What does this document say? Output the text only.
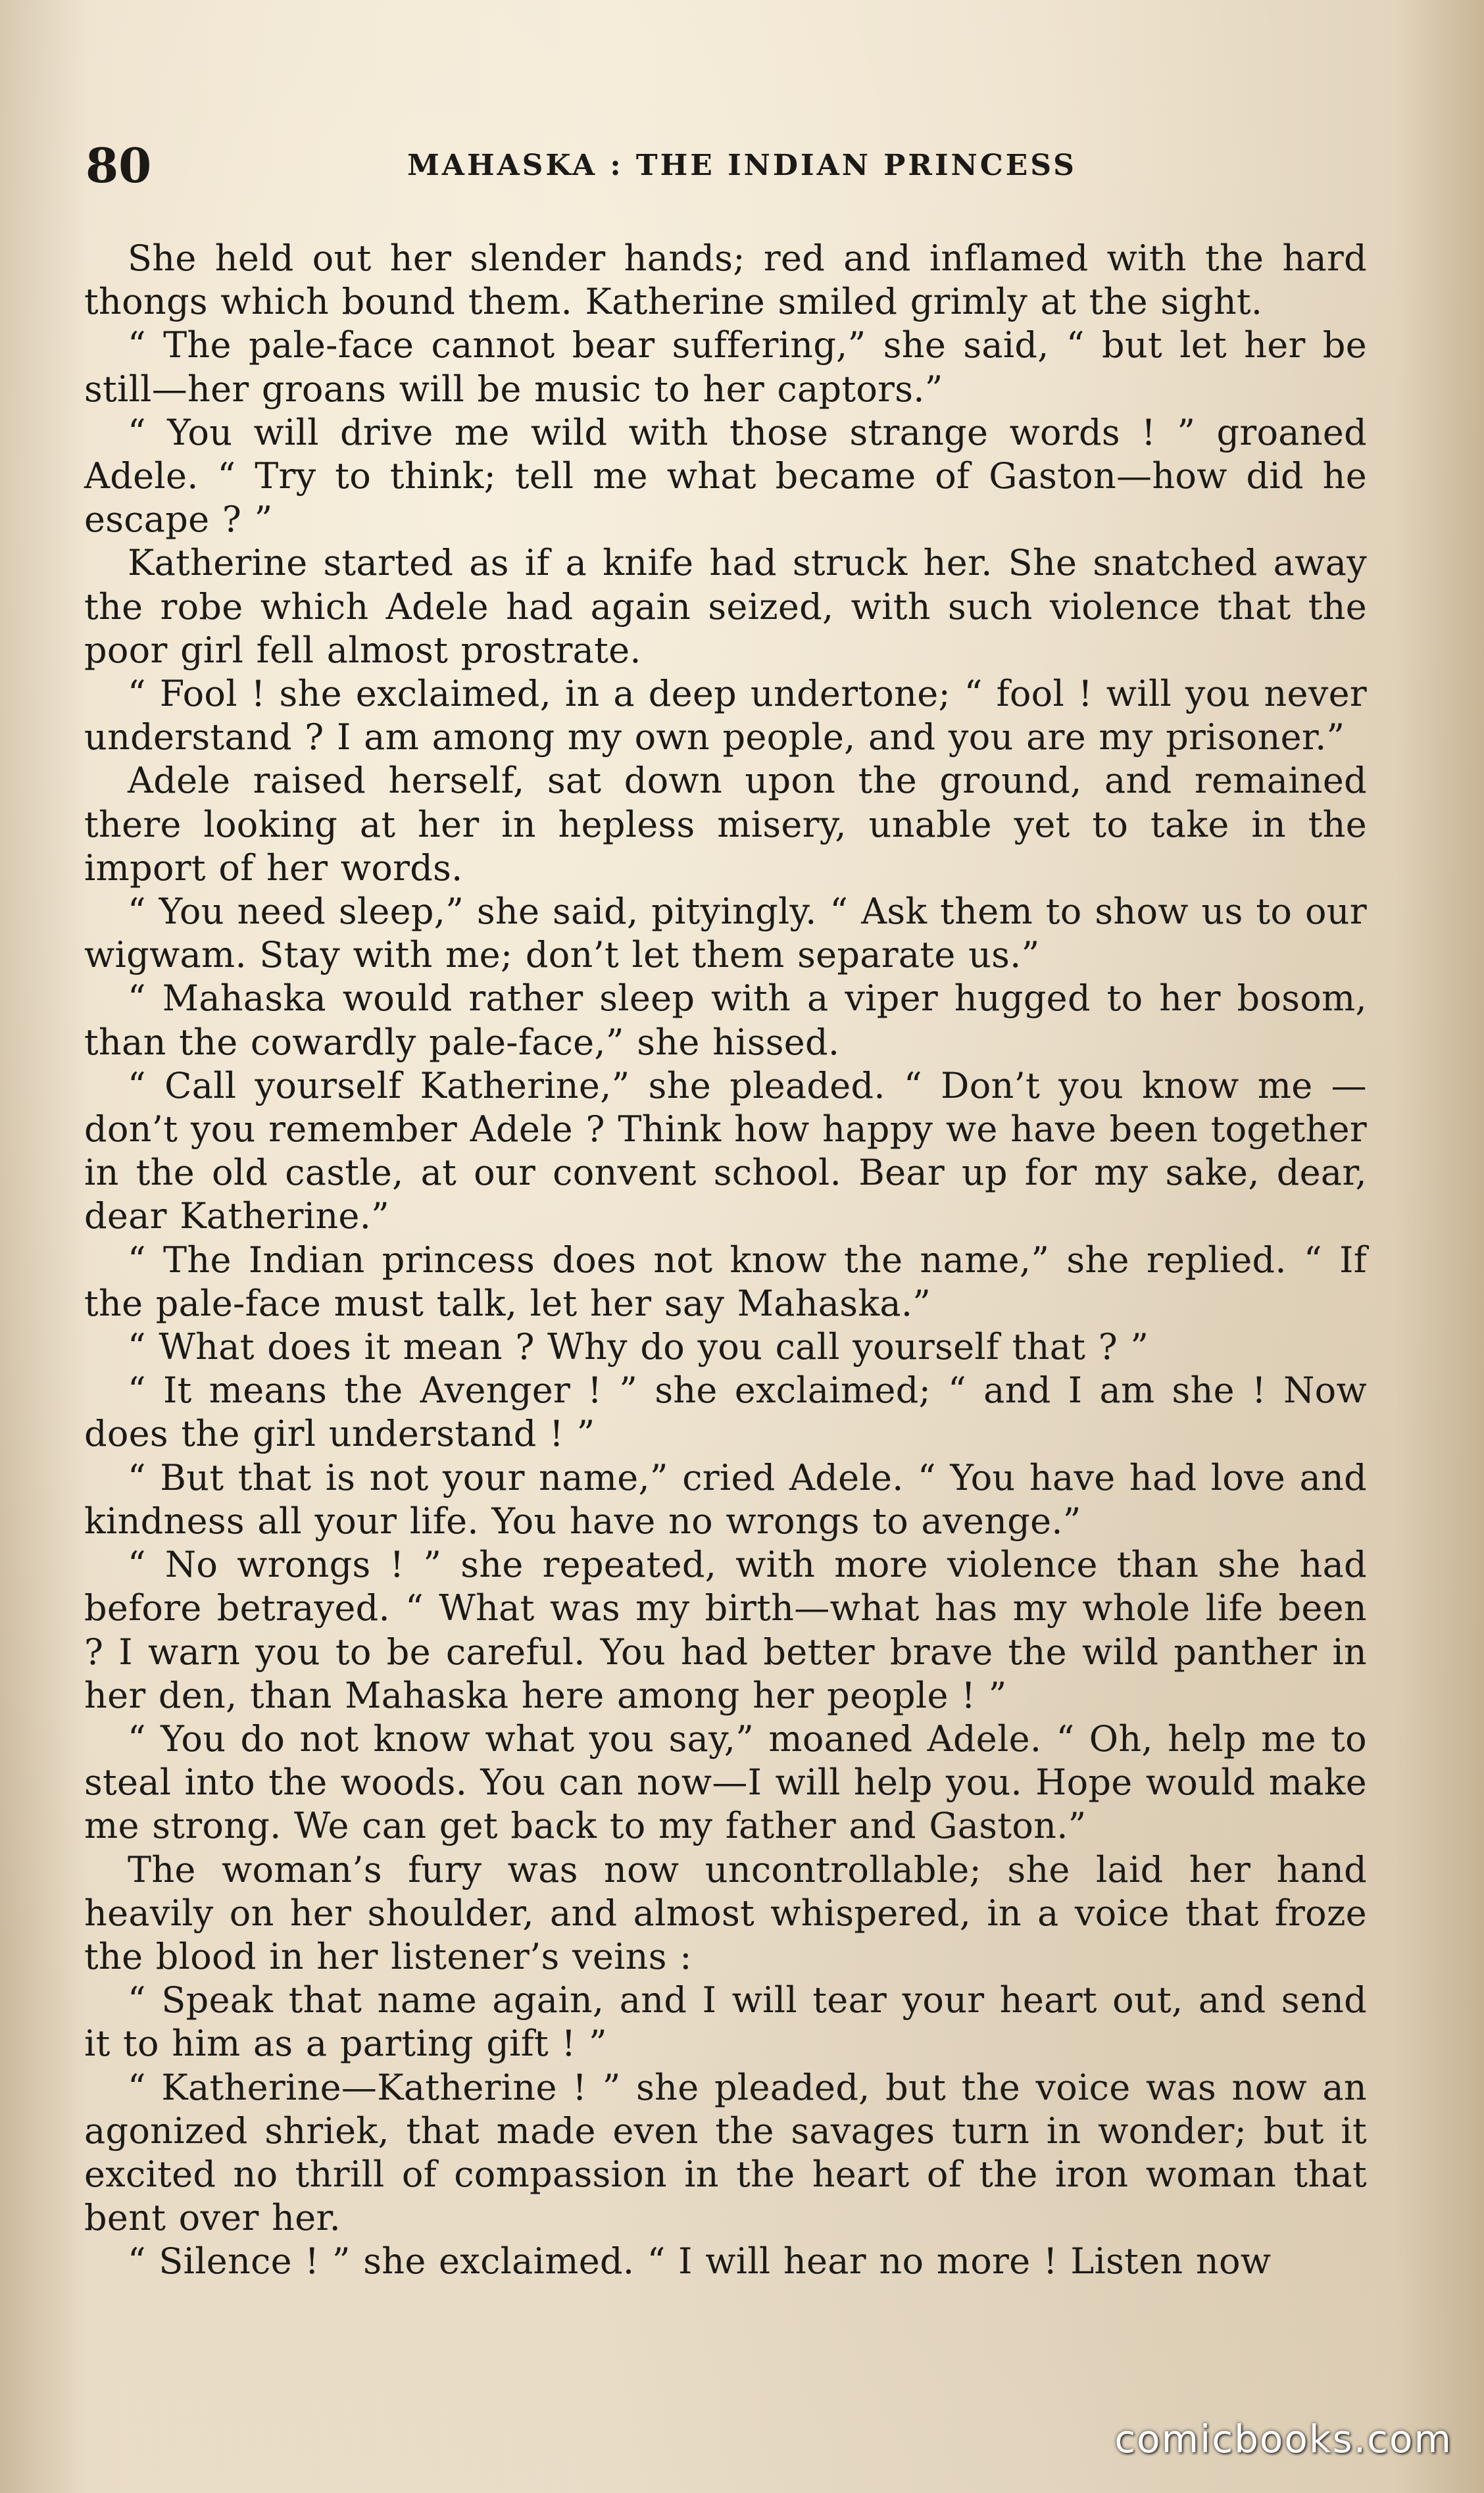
80	MAHASKA : THE INDIAN PRINCESS

She held out her slender hands; red and inflamed with the hard thongs which bound them. Katherine smiled grimly at the sight.

“ The pale-face cannot bear suffering,” she said, “ but let her be still—her groans will be music to her captors.”

“ You will drive me wild with those strange words ! ” groaned Adele. “ Try to think; tell me what became of Gaston—how did he escape ? ”

Katherine started as if a knife had struck her. She snatched away the robe which Adele had again seized, with such violence that the poor girl fell almost prostrate.

“ Fool ! she exclaimed, in a deep undertone; “ fool ! will you never understand ? I am among my own people, and you are my prisoner.”

Adele raised herself, sat down upon the ground, and remained there looking at her in hepless misery, unable yet to take in the import of her words.

“ You need sleep,” she said, pityingly. “ Ask them to show us to our wigwam. Stay with me; don’t let them separate us.”

“ Mahaska would rather sleep with a viper hugged to her bosom, than the cowardly pale-face,” she hissed.

“ Call yourself Katherine,” she pleaded. “ Don’t you know me —don’t you remember Adele ? Think how happy we have been together in the old castle, at our convent school. Bear up for my sake, dear, dear Katherine.”

“ The Indian princess does not know the name,” she replied. “ If the pale-face must talk, let her say Mahaska.”

“ What does it mean ? Why do you call yourself that ? ”

“ It means the Avenger ! ” she exclaimed; “ and I am she ! Now does the girl understand ! ”

“ But that is not your name,” cried Adele. “ You have had love and kindness all your life. You have no wrongs to avenge.”

“ No wrongs ! ” she repeated, with more violence than she had before betrayed. “ What was my birth—what has my whole life been ? I warn you to be careful. You had better brave the wild panther in her den, than Mahaska here among her people ! ”

“ You do not know what you say,” moaned Adele. “ Oh, help me to steal into the woods. You can now—I will help you. Hope would make me strong. We can get back to my father and Gaston.”

The woman’s fury was now uncontrollable; she laid her hand heavily on her shoulder, and almost whispered, in a voice that froze the blood in her listener’s veins :

“ Speak that name again, and I will tear your heart out, and send it to him as a parting gift ! ”

“ Katherine—Katherine ! ” she pleaded, but the voice was now an agonized shriek, that made even the savages turn in wonder; but it excited no thrill of compassion in the heart of the iron woman that bent over her.

“ Silence ! ” she exclaimed. “ I will hear no more ! Listen now

comicbooks.com
